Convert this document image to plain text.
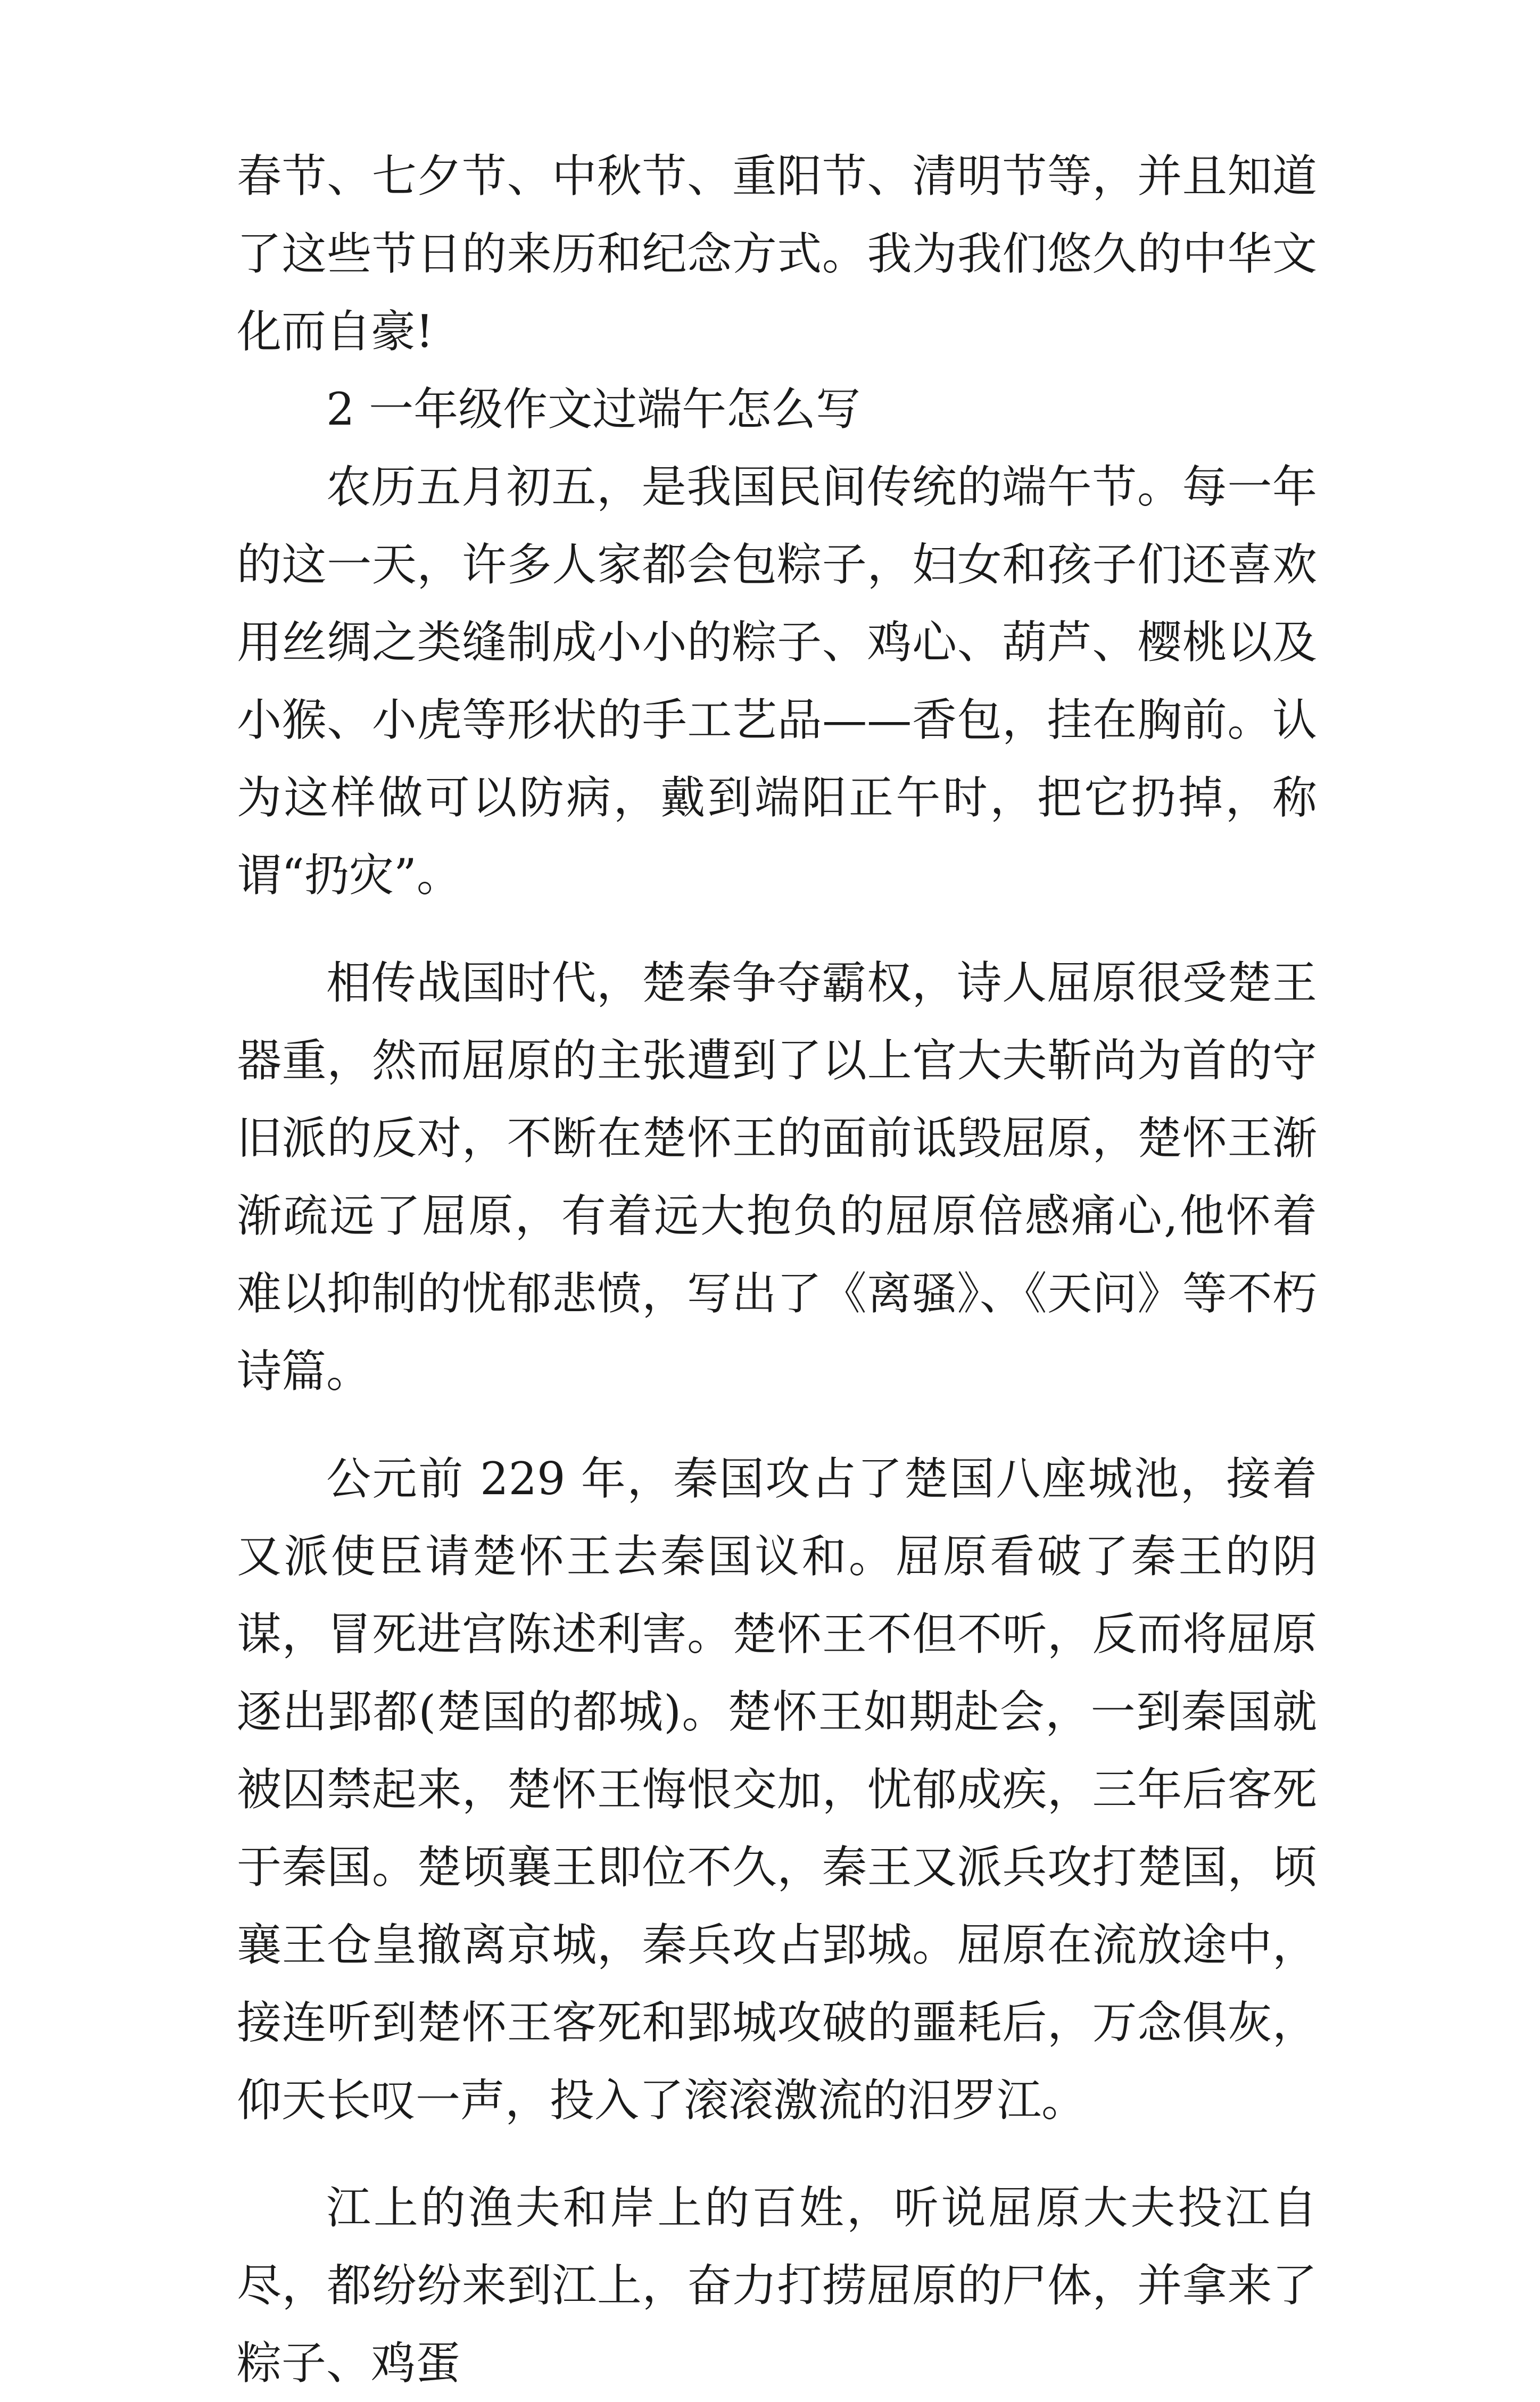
春节、七夕节、中秋节、重阳节、清明节等，并且知道了这些节日的来历和纪念方式。我为我们悠久的中华文化而自豪!

2 一年级作文过端午怎么写

农历五月初五，是我国民间传统的端午节。每一年的这一天，许多人家都会包粽子，妇女和孩子们还喜欢用丝绸之类缝制成小小的粽子、鸡心、葫芦、樱桃以及小猴、小虎等形状的手工艺品——香包，挂在胸前。认为这样做可以防病，戴到端阳正午时，把它扔掉，称谓“扔灾”。

相传战国时代，楚秦争夺霸权，诗人屈原很受楚王器重，然而屈原的主张遭到了以上官大夫靳尚为首的守旧派的反对，不断在楚怀王的面前诋毁屈原，楚怀王渐渐疏远了屈原，有着远大抱负的屈原倍感痛心,他怀着难以抑制的忧郁悲愤，写出了《离骚》、《天问》等不朽诗篇。

公元前 229 年，秦国攻占了楚国八座城池，接着又派使臣请楚怀王去秦国议和。屈原看破了秦王的阴谋，冒死进宫陈述利害。楚怀王不但不听，反而将屈原逐出郢都(楚国的都城)。楚怀王如期赴会，一到秦国就被囚禁起来，楚怀王悔恨交加，忧郁成疾，三年后客死于秦国。楚顷襄王即位不久，秦王又派兵攻打楚国，顷襄王仓皇撤离京城，秦兵攻占郢城。屈原在流放途中，接连听到楚怀王客死和郢城攻破的噩耗后，万念俱灰，仰天长叹一声，投入了滚滚激流的汨罗江。

江上的渔夫和岸上的百姓，听说屈原大夫投江自尽，都纷纷来到江上，奋力打捞屈原的尸体，并拿来了粽子、鸡蛋
